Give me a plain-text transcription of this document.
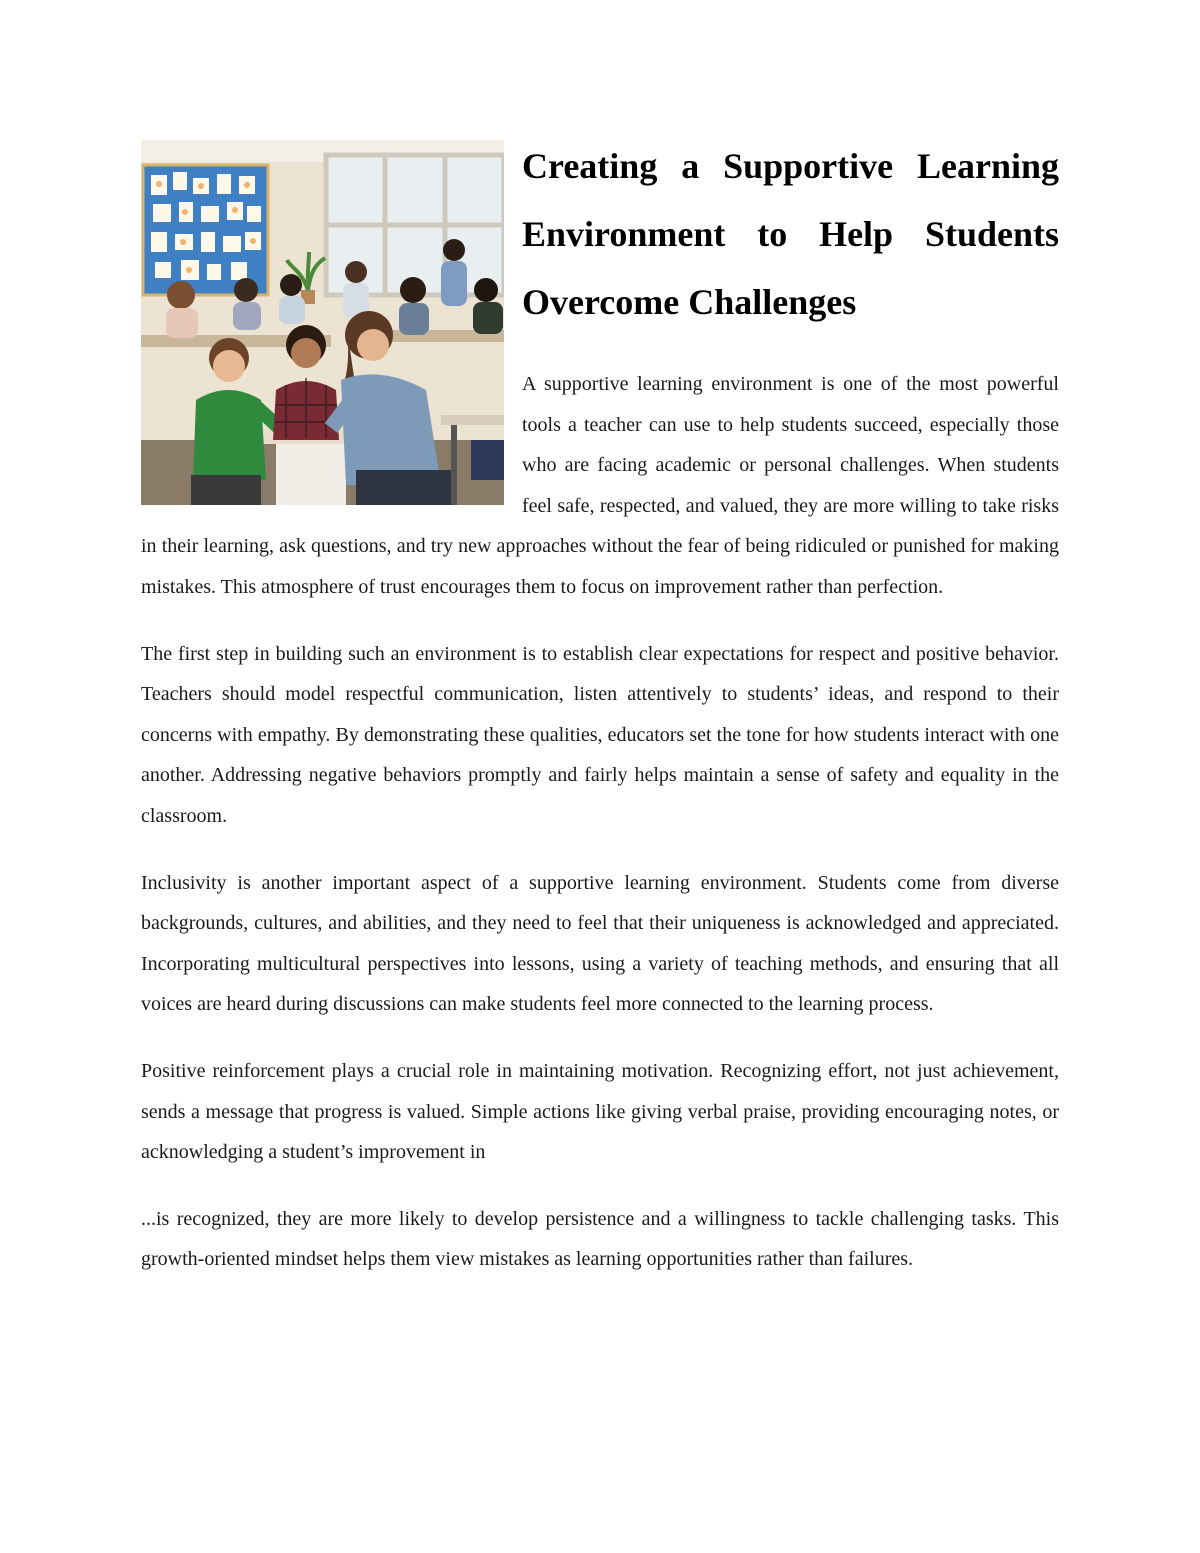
Creating a Supportive Learning Environment to Help Students Overcome Challenges

A supportive learning environment is one of the most powerful tools a teacher can use to help students succeed, especially those who are facing academic or personal challenges. When students feel safe, respected, and valued, they are more willing to take risks in their learning, ask questions, and try new approaches without the fear of being ridiculed or punished for making mistakes. This atmosphere of trust encourages them to focus on improvement rather than perfection.

The first step in building such an environment is to establish clear expectations for respect and positive behavior. Teachers should model respectful communication, listen attentively to students’ ideas, and respond to their concerns with empathy. By demonstrating these qualities, educators set the tone for how students interact with one another. Addressing negative behaviors promptly and fairly helps maintain a sense of safety and equality in the classroom.

Inclusivity is another important aspect of a supportive learning environment. Students come from diverse backgrounds, cultures, and abilities, and they need to feel that their uniqueness is acknowledged and appreciated. Incorporating multicultural perspectives into lessons, using a variety of teaching methods, and ensuring that all voices are heard during discussions can make students feel more connected to the learning process.

Positive reinforcement plays a crucial role in maintaining motivation. Recognizing effort, not just achievement, sends a message that progress is valued. Simple actions like giving verbal praise, providing encouraging notes, or acknowledging a student’s improvement in

...is recognized, they are more likely to develop persistence and a willingness to tackle challenging tasks. This growth-oriented mindset helps them view mistakes as learning opportunities rather than failures.
